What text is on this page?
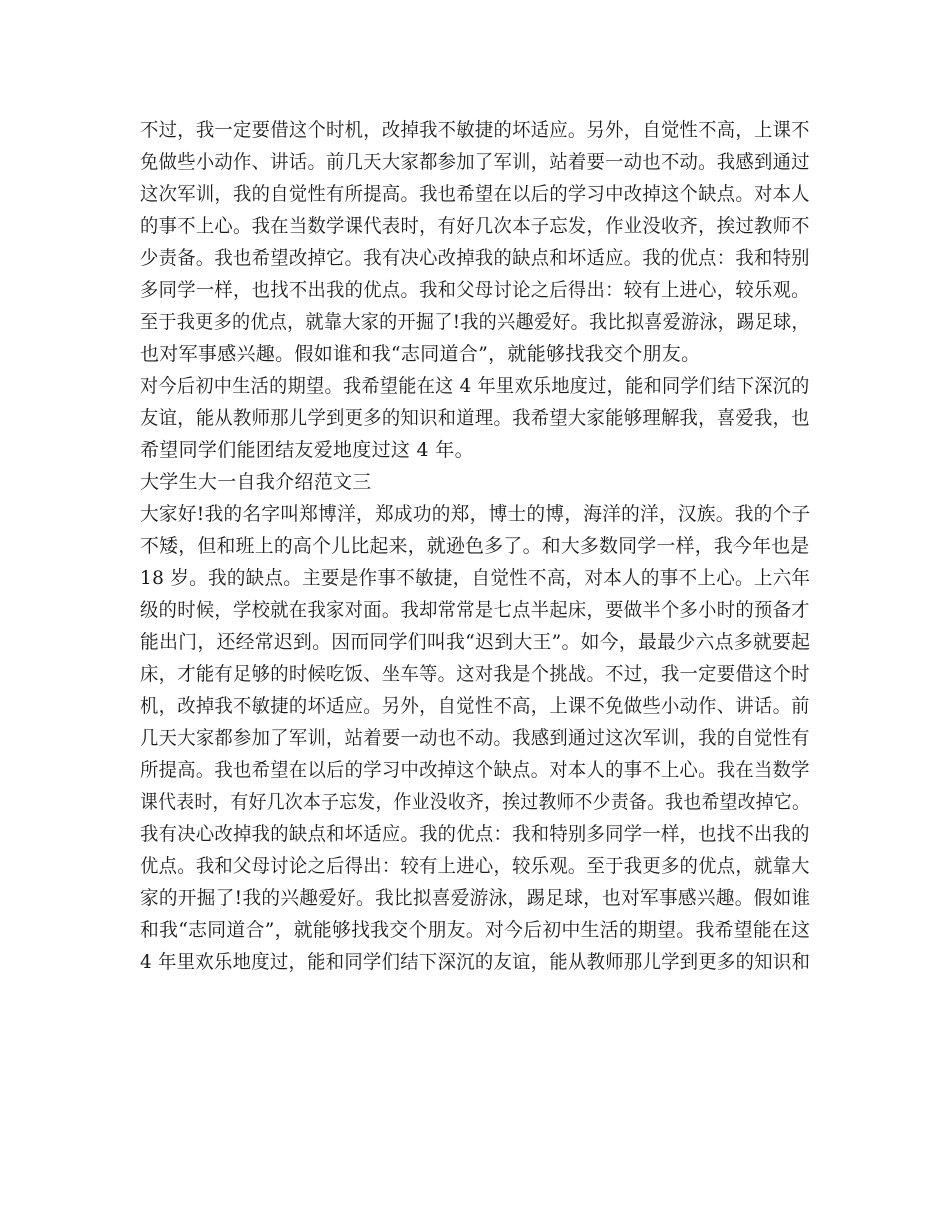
不过，我一定要借这个时机，改掉我不敏捷的坏适应。另外，自觉性不高，上课不
免做些小动作、讲话。前几天大家都参加了军训，站着要一动也不动。我感到通过
这次军训，我的自觉性有所提高。我也希望在以后的学习中改掉这个缺点。对本人
的事不上心。我在当数学课代表时，有好几次本子忘发，作业没收齐，挨过教师不
少责备。我也希望改掉它。我有决心改掉我的缺点和坏适应。我的优点：我和特别
多同学一样，也找不出我的优点。我和父母讨论之后得出：较有上进心，较乐观。
至于我更多的优点，就靠大家的开掘了!我的兴趣爱好。我比拟喜爱游泳，踢足球，
也对军事感兴趣。假如谁和我“志同道合”，就能够找我交个朋友。
对今后初中生活的期望。我希望能在这 4 年里欢乐地度过，能和同学们结下深沉的
友谊，能从教师那儿学到更多的知识和道理。我希望大家能够理解我，喜爱我，也
希望同学们能团结友爱地度过这 4 年。
大学生大一自我介绍范文三
大家好!我的名字叫郑博洋，郑成功的郑，博士的博，海洋的洋，汉族。我的个子
不矮，但和班上的高个儿比起来，就逊色多了。和大多数同学一样，我今年也是
18 岁。我的缺点。主要是作事不敏捷，自觉性不高，对本人的事不上心。上六年
级的时候，学校就在我家对面。我却常常是七点半起床，要做半个多小时的预备才
能出门，还经常迟到。因而同学们叫我“迟到大王”。如今，最最少六点多就要起
床，才能有足够的时候吃饭、坐车等。这对我是个挑战。不过，我一定要借这个时
机，改掉我不敏捷的坏适应。另外，自觉性不高，上课不免做些小动作、讲话。前
几天大家都参加了军训，站着要一动也不动。我感到通过这次军训，我的自觉性有
所提高。我也希望在以后的学习中改掉这个缺点。对本人的事不上心。我在当数学
课代表时，有好几次本子忘发，作业没收齐，挨过教师不少责备。我也希望改掉它。
我有决心改掉我的缺点和坏适应。我的优点：我和特别多同学一样，也找不出我的
优点。我和父母讨论之后得出：较有上进心，较乐观。至于我更多的优点，就靠大
家的开掘了!我的兴趣爱好。我比拟喜爱游泳，踢足球，也对军事感兴趣。假如谁
和我“志同道合”，就能够找我交个朋友。对今后初中生活的期望。我希望能在这
4 年里欢乐地度过，能和同学们结下深沉的友谊，能从教师那儿学到更多的知识和
